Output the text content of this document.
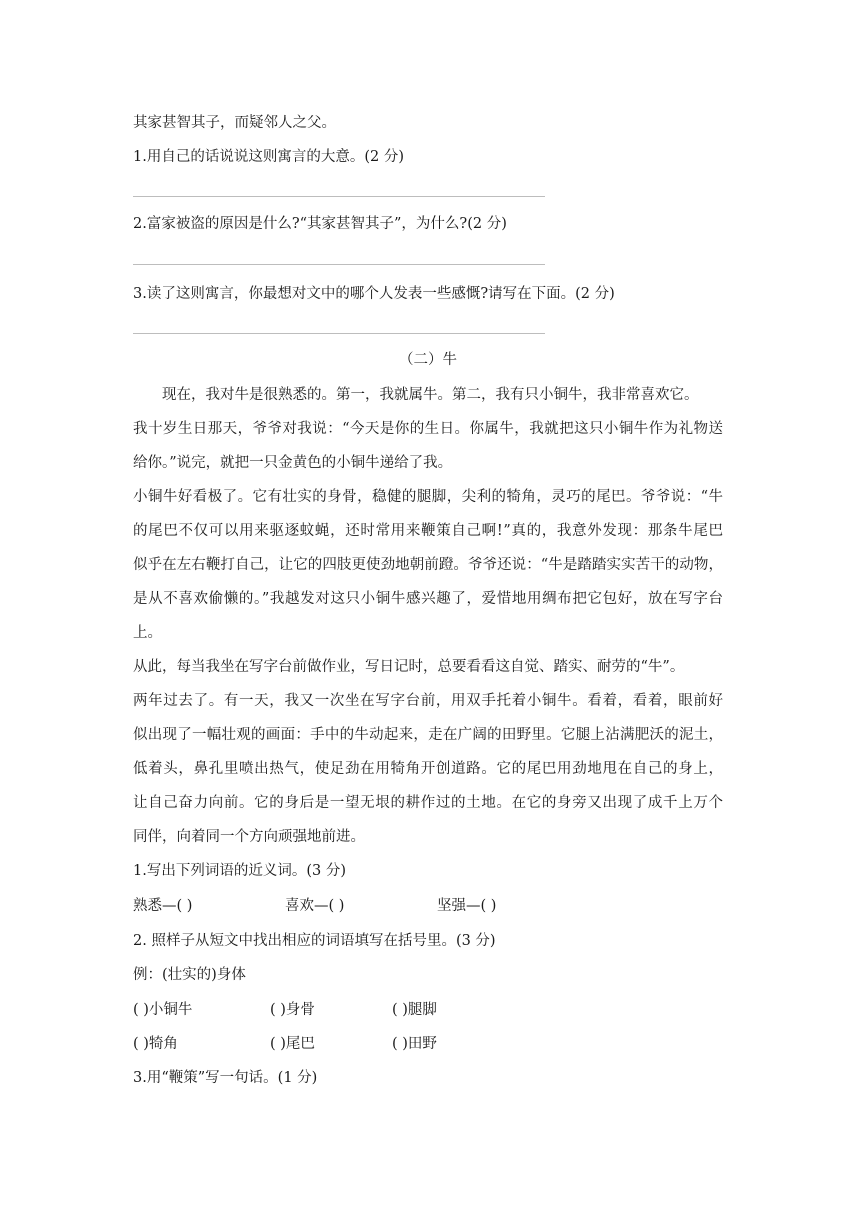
其家甚智其子，而疑邻人之父。
1.用自己的话说说这则寓言的大意。(2 分)
2.富家被盗的原因是什么?“其家甚智其子”，为什么?(2 分)
3.读了这则寓言，你最想对文中的哪个人发表一些感慨?请写在下面。(2 分)
（二）牛
现在，我对牛是很熟悉的。第一，我就属牛。第二，我有只小铜牛，我非常喜欢它。
我十岁生日那天，爷爷对我说：“今天是你的生日。你属牛，我就把这只小铜牛作为礼物送
给你。”说完，就把一只金黄色的小铜牛递给了我。
小铜牛好看极了。它有壮实的身骨，稳健的腿脚，尖利的犄角，灵巧的尾巴。爷爷说：“牛
的尾巴不仅可以用来驱逐蚊蝇，还时常用来鞭策自己啊!”真的，我意外发现：那条牛尾巴
似乎在左右鞭打自己，让它的四肢更使劲地朝前蹬。爷爷还说：“牛是踏踏实实苦干的动物，
是从不喜欢偷懒的。”我越发对这只小铜牛感兴趣了，爱惜地用绸布把它包好，放在写字台
上。
从此，每当我坐在写字台前做作业，写日记时，总要看看这自觉、踏实、耐劳的“牛”。
两年过去了。有一天，我又一次坐在写字台前，用双手托着小铜牛。看着，看着，眼前好
似出现了一幅壮观的画面：手中的牛动起来，走在广阔的田野里。它腿上沾满肥沃的泥土，
低着头，鼻孔里喷出热气，使足劲在用犄角开创道路。它的尾巴用劲地甩在自己的身上，
让自己奋力向前。它的身后是一望无垠的耕作过的土地。在它的身旁又出现了成千上万个
同伴，向着同一个方向顽强地前进。
1.写出下列词语的近义词。(3 分)
熟悉—( )	喜欢—( )	坚强—( )
2. 照样子从短文中找出相应的词语填写在括号里。(3 分)
例：(壮实的)身体
( )小铜牛	( )身骨	( )腿脚
( )犄角	( )尾巴	( )田野
3.用“鞭策”写一句话。(1 分)
